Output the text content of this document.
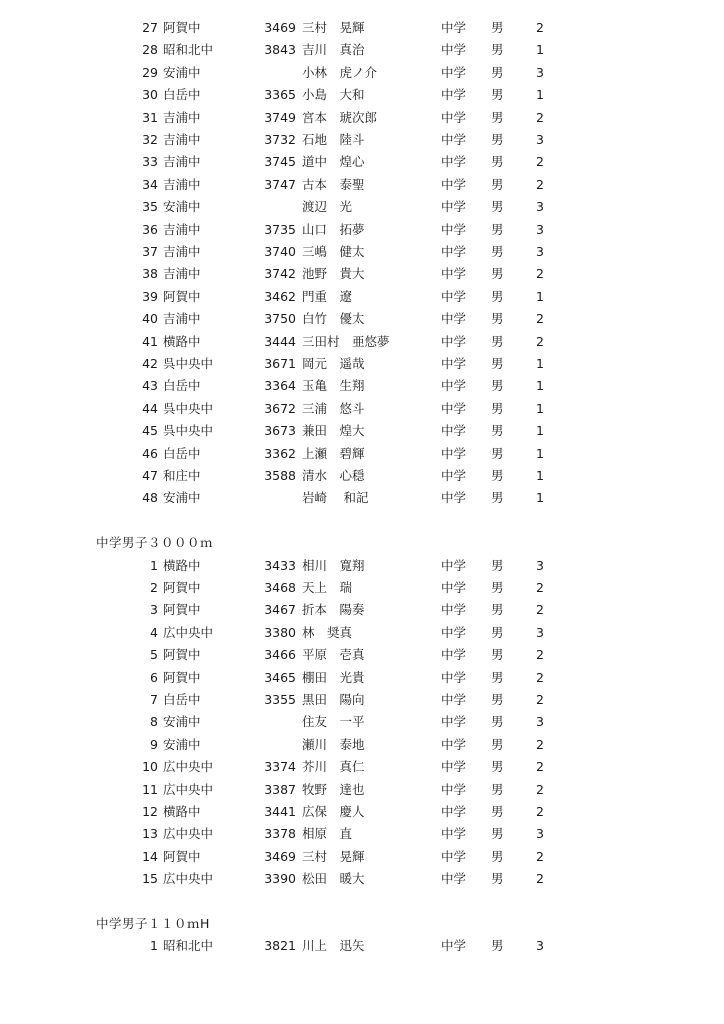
27 阿賀中	3469 三村　晃輝	中学 男	2
28 昭和北中	3843 吉川　真治	中学 男	1
29 安浦中	小林　虎ノ介	中学 男	3
30 白岳中	3365 小島　大和	中学 男	1
31 吉浦中	3749 宮本　琥次郎	中学 男	2
32 吉浦中	3732 石地　陸斗	中学 男	3
33 吉浦中	3745 道中　煌心	中学 男	2
34 吉浦中	3747 古本　泰聖	中学 男	2
35 安浦中	渡辺　光	中学 男	3
36 吉浦中	3735 山口　拓夢	中学 男	3
37 吉浦中	3740 三嶋　健太	中学 男	3
38 吉浦中	3742 池野　貴大	中学 男	2
39 阿賀中	3462 門重　遼	中学 男	1
40 吉浦中	3750 白竹　優太	中学 男	2
41 横路中	3444 三田村　亜悠夢	中学 男	2
42 呉中央中	3671 岡元　遥哉	中学 男	1
43 白岳中	3364 玉亀　生翔	中学 男	1
44 呉中央中	3672 三浦　悠斗	中学 男	1
45 呉中央中	3673 兼田　煌大	中学 男	1
46 白岳中	3362 上瀬　碧輝	中学 男	1
47 和庄中	3588 清水　心穏	中学 男	1
48 安浦中	岩崎　 和記	中学 男	1
中学男子３０００ｍ
1 横路中	3433 相川　寛翔	中学 男	3
2 阿賀中	3468 天上　瑞	中学 男	2
3 阿賀中	3467 折本　陽奏	中学 男	2
4 広中央中	3380 林　奨真	中学 男	3
5 阿賀中	3466 平原　壱真	中学 男	2
6 阿賀中	3465 棚田　光貴	中学 男	2
7 白岳中	3355 黒田　陽向	中学 男	2
8 安浦中	住友　一平	中学 男	3
9 安浦中	瀬川　泰地	中学 男	2
10 広中央中	3374 芥川　真仁	中学 男	2
11 広中央中	3387 牧野　達也	中学 男	2
12 横路中	3441 広保　慶人	中学 男	2
13 広中央中	3378 相原　直	中学 男	3
14 阿賀中	3469 三村　晃輝	中学 男	2
15 広中央中	3390 松田　暖大	中学 男	2
中学男子１１０ｍH
1 昭和北中	3821 川上　迅矢	中学 男	3
